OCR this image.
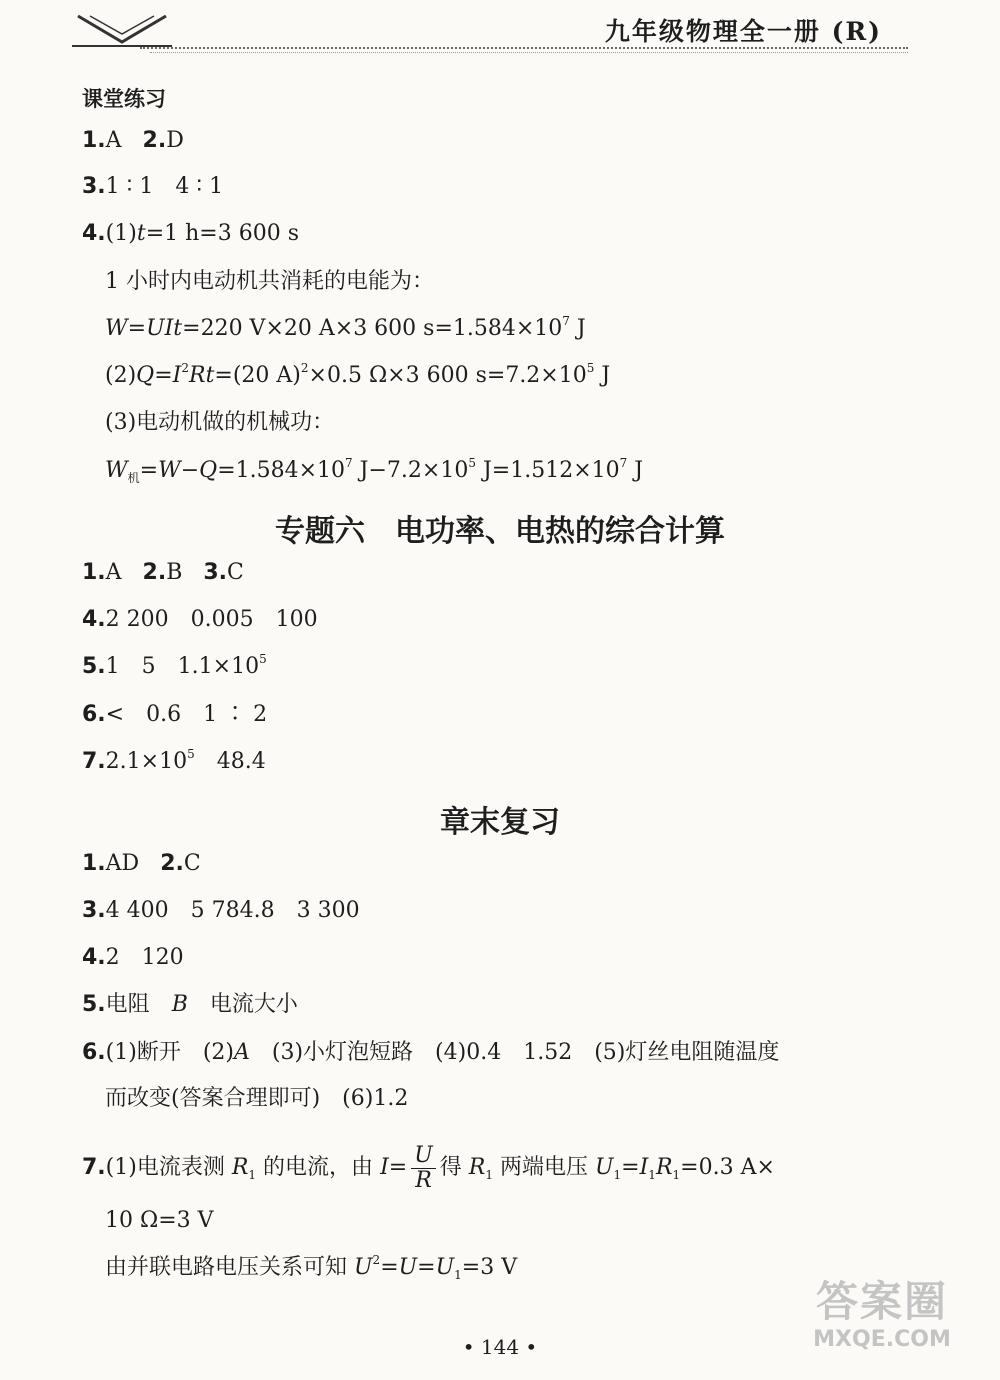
九年级物理全一册 (R)
课堂练习
1.A 2.D
3.1 ∶ 1　4 ∶ 1
4.(1)t=1 h=3 600 s
1 小时内电动机共消耗的电能为：
W=UIt=220 V×20 A×3 600 $s=1.584\times 10^7$ J
$(2)Q=I^2Rt=(20$ A)$^2$×0.5 Ω×3 600 $s=7.2\times 10^5$ J
(3)电动机做的机械功：
$W_机=W-Q=1.584\times 10^7$ $J-7.2\times 10^5$ $J=1.512\times 10^7$ J
专题六　电功率、电热的综合计算
1.A 2.B 3.C
4.2 200　0.005　100
5.1　5　$1.1\times 10^5$
6.<　0.6　1 ∶ 2
$7.2.1\times 10^5$　48.4
章末复习
1.AD 2.C
3.4 400　5 784.8　3 300
4.2　120
5.电阻　B　电流大小
6.(1)断开　(2)A　(3)小灯泡短路　(4)0.4　1.52　(5)灯丝电阻随温度
而改变(答案合理即可)　(6)1.2
7.(1)电流表测 $R_1$ 的电流，由 $I= \frac{U}{R}$ 得 $R_1$ 两端电压 $U_1=I_1R_1=0.3$ A×
10 Ω=3 V
由并联电路电压关系可知 $U^2=U=U_1=3$ V
• 144 •
答案圈
MXQE.COM
